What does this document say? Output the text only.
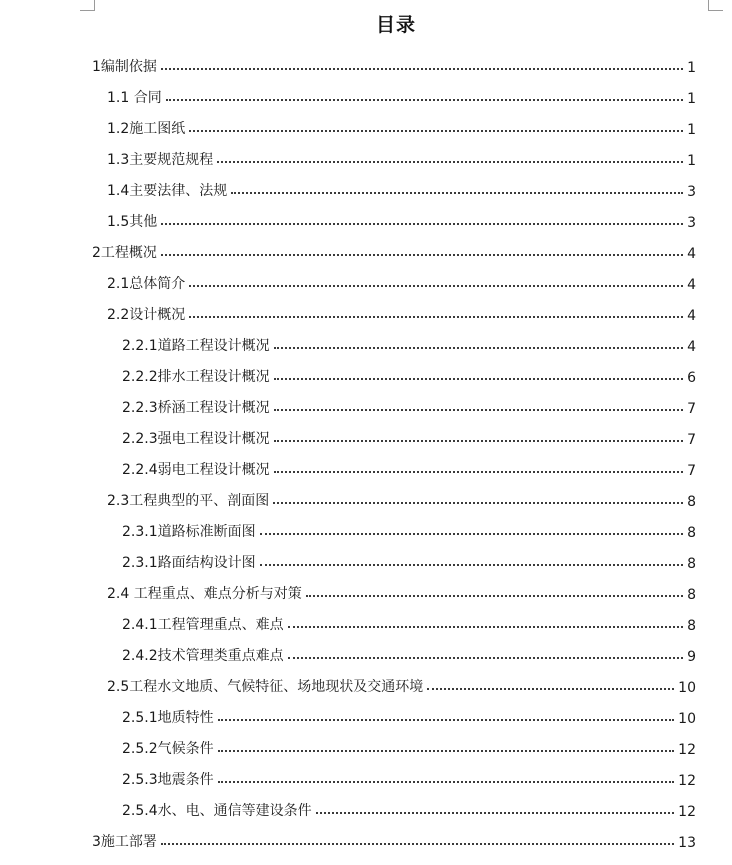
目录
1编制依据	1
1.1 合同	1
1.2施工图纸	1
1.3主要规范规程	1
1.4主要法律、法规	3
1.5其他	3
2工程概况	4
2.1总体简介	4
2.2设计概况	4
2.2.1道路工程设计概况	4
2.2.2排水工程设计概况	6
2.2.3桥涵工程设计概况	7
2.2.3强电工程设计概况	7
2.2.4弱电工程设计概况	7
2.3工程典型的平、剖面图	8
2.3.1道路标准断面图	8
2.3.1路面结构设计图	8
2.4 工程重点、难点分析与对策	8
2.4.1工程管理重点、难点	8
2.4.2技术管理类重点难点	9
2.5工程水文地质、气候特征、场地现状及交通环境	10
2.5.1地质特性	10
2.5.2气候条件	12
2.5.3地震条件	12
2.5.4水、电、通信等建设条件	12
3施工部署	13
